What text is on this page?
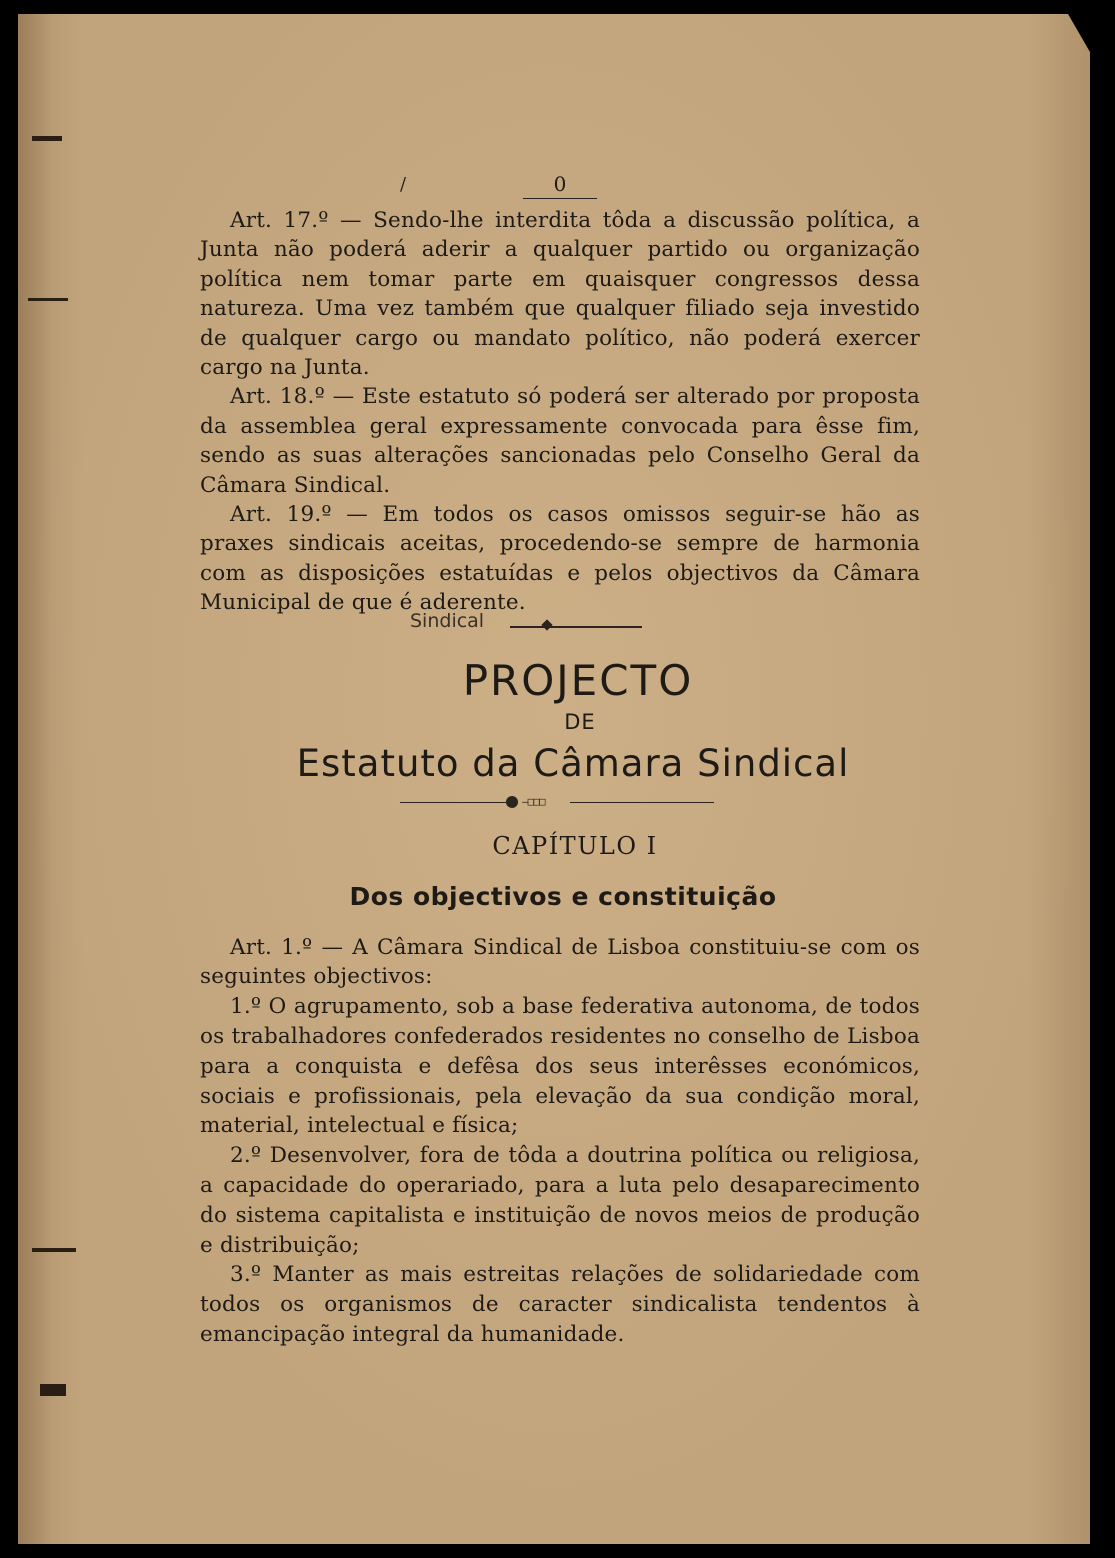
/	0

Art. 17.º — Sendo-lhe interdita tôda a discussão política, a Junta não poderá aderir a qualquer partido ou organização política nem tomar parte em quaisquer congressos dessa natureza. Uma vez também que qualquer filiado seja investido de qualquer cargo ou mandato político, não poderá exercer cargo na Junta.

Art. 18.º — Este estatuto só poderá ser alterado por proposta da assemblea geral expressamente convocada para êsse fim, sendo as suas alterações sancionadas pelo Conselho Geral da Câmara Sindical.

Art. 19.º — Em todos os casos omissos seguir-se hão as praxes sindicais aceitas, procedendo-se sempre de harmonia com as disposições estatuídas e pelos objectivos da Câmara Municipal de que é aderente.

Sindical
PROJECTO
DE
Estatuto da Câmara Sindical
—□□□
CAPÍTULO I
Dos objectivos e constituição

Art. 1.º — A Câmara Sindical de Lisboa constituiu-se com os seguintes objectivos:

1.º O agrupamento, sob a base federativa autonoma, de todos os trabalhadores confederados residentes no conselho de Lisboa para a conquista e defêsa dos seus interêsses económicos, sociais e profissionais, pela elevação da sua condição moral, material, intelectual e física;

2.º Desenvolver, fora de tôda a doutrina política ou religiosa, a capacidade do operariado, para a luta pelo desaparecimento do sistema capitalista e instituição de novos meios de produção e distribuição;

3.º Manter as mais estreitas relações de solidariedade com todos os organismos de caracter sindicalista tendentos à emancipação integral da humanidade.
